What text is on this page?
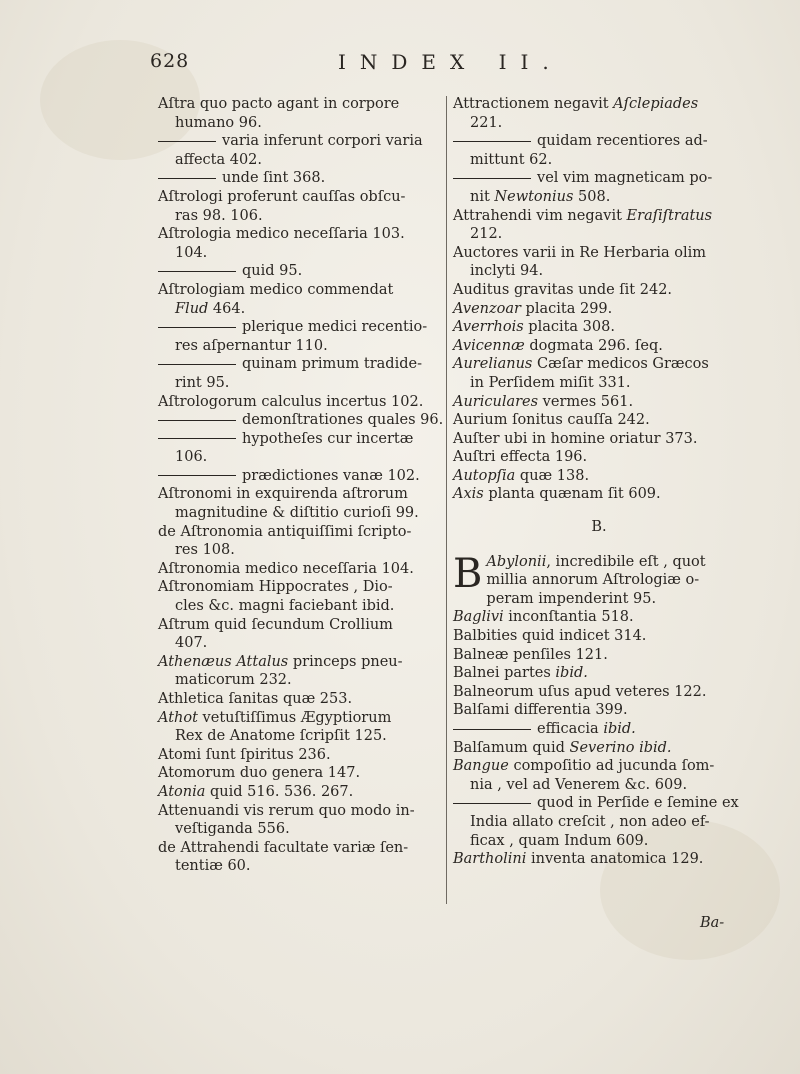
628	INDEX II.
Aſtra quo pacto agant in corpore
humano 96.
varia inferunt corpori varia
affecta 402.
unde ſint 368.
Aſtrologi proferunt cauſſas obſcu-
ras 98. 106.
Aſtrologia medico neceſſaria 103.
104.
quid 95.
Aſtrologiam medico commendat
Flud 464.
plerique medici recentio-
res aſpernantur 110.
quinam primum tradide-
rint 95.
Aſtrologorum calculus incertus 102.
demonſtrationes quales 96.
hypotheſes cur incertæ
106.
prædictiones vanæ 102.
Aſtronomi in exquirenda aſtrorum
magnitudine & diſtitio curioſi 99.
de Aſtronomia antiquiſſimi ſcripto-
res 108.
Aſtronomia medico neceſſaria 104.
Aſtronomiam Hippocrates , Dio-
cles &c. magni faciebant ibid.
Aſtrum quid ſecundum Crollium
407.
Athenæus Attalus princeps pneu-
maticorum 232.
Athletica ſanitas quæ 253.
Athot vetuſtiſſimus Ægyptiorum
Rex de Anatome ſcripſit 125.
Atomi ſunt ſpiritus 236.
Atomorum duo genera 147.
Atonia quid 516. 536. 267.
Attenuandi vis rerum quo modo in-
veſtiganda 556.
de Attrahendi facultate variæ ſen-
tentiæ 60.
Attractionem negavit Aſclepiades
221.
quidam recentiores ad-
mittunt 62.
vel vim magneticam po-
nit Newtonius 508.
Attrahendi vim negavit Eraſiſtratus
212.
Auctores varii in Re Herbaria olim
inclyti 94.
Auditus gravitas unde ſit 242.
Avenzoar placita 299.
Averrhois placita 308.
Avicennæ dogmata 296. ſeq.
Aurelianus Cæſar medicos Græcos
in Perſidem miſit 331.
Auriculares vermes 561.
Aurium ſonitus cauſſa 242.
Auſter ubi in homine oriatur 373.
Auſtri effecta 196.
Autopſia quæ 138.
Axis planta quænam ſit 609.
B.
B Abylonii, incredibile eſt , quot
millia annorum Aſtrologiæ o-
peram impenderint 95.
Baglivi inconſtantia 518.
Balbities quid indicet 314.
Balneæ penſiles 121.
Balnei partes ibid.
Balneorum uſus apud veteres 122.
Balſami differentia 399.
efficacia ibid.
Balſamum quid Severino ibid.
Bangue compoſitio ad jucunda ſom-
nia , vel ad Venerem &c. 609.
quod in Perſide e ſemine ex
India allato creſcit , non adeo ef-
ficax , quam Indum 609.
Bartholini inventa anatomica 129.
Ba-
